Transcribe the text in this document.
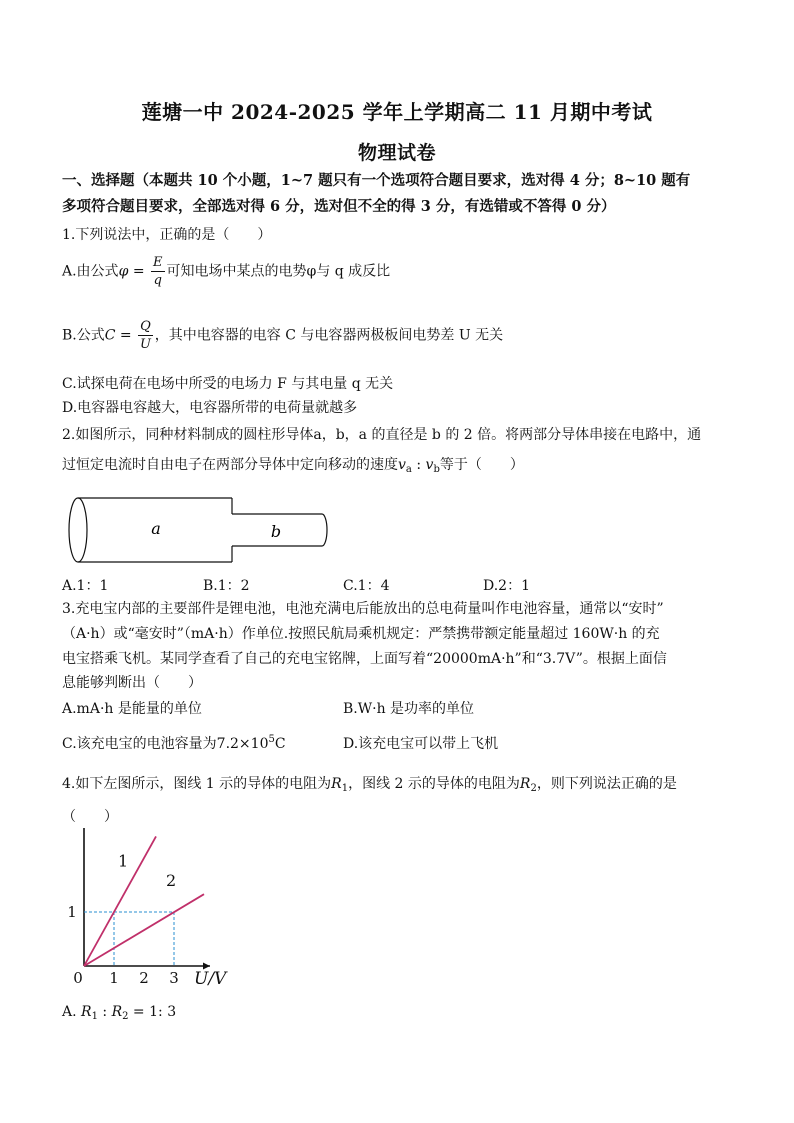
莲塘一中 2024-2025 学年上学期高二 11 月期中考试
物理试卷
一、选择题（本题共 10 个小题，1~7 题只有一个选项符合题目要求，选对得 4 分；8~10 题有
多项符合题目要求，全部选对得 6 分，选对但不全的得 3 分，有选错或不答得 0 分）
1.下列说法中，正确的是（　　）
A.由公式$\varphi = \frac{E}{q}$ 可知电场中某点的电势φ与 q 成反比
B.公式$C = \frac{Q}{U}$ ，其中电容器的电容 C 与电容器两极板间电势差 U 无关
C.试探电荷在电场中所受的电场力 F 与其电量 q 无关
D.电容器电容越大，电容器所带的电荷量就越多
2.如图所示，同种材料制成的圆柱形导体a，b，a 的直径是 b 的 2 倍。将两部分导体串接在电路中，通
过恒定电流时自由电子在两部分导体中定向移动的速度$v_a$ : $v_b$等于（　　）
a	b
A.1：1	B.1：2	C.1：4	D.2：1
3.充电宝内部的主要部件是锂电池，电池充满电后能放出的总电荷量叫作电池容量，通常以“安时”
（A·h）或“毫安时”（mA·h）作单位.按照民航局乘机规定：严禁携带额定能量超过 160W·h 的充
电宝搭乘飞机。某同学查看了自己的充电宝铭牌，上面写着“20000mA·h”和“3.7V”。根据上面信
息能够判断出（　　）
A.mA·h 是能量的单位	B.W·h 是功率的单位
C.该充电宝的电池容量为$7.2\times 10^5C$	D.该充电宝可以带上飞机
4.如下左图所示，图线 1 示的导体的电阻为$R_1$，图线 2 示的导体的电阻为$R_2$，则下列说法正确的是
（　　）
1
2
0 1 2 3
1
U/V
A. $R_1$ : $R_2 = 1$: 3
